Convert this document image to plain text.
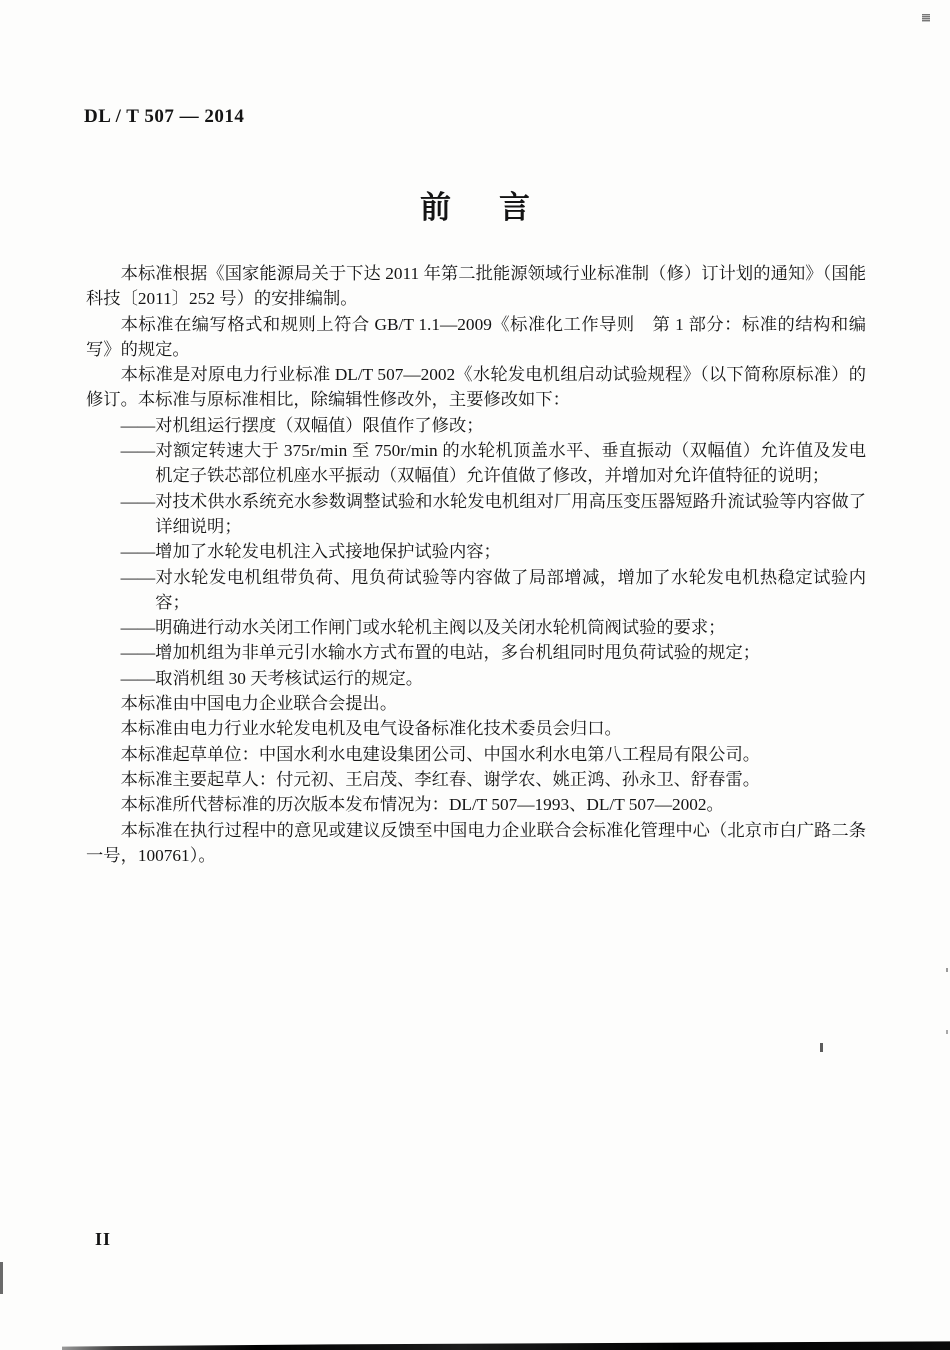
DL / T 507 — 2014
前 言

本标准根据《国家能源局关于下达 2011 年第二批能源领域行业标准制（修）订计划的通知》（国能科技〔2011〕252 号）的安排编制。

本标准在编写格式和规则上符合 GB/T 1.1—2009《标准化工作导则　第 1 部分：标准的结构和编写》的规定。

本标准是对原电力行业标准 DL/T 507—2002《水轮发电机组启动试验规程》（以下简称原标准）的修订。本标准与原标准相比，除编辑性修改外，主要修改如下：

——对机组运行摆度（双幅值）限值作了修改；

——对额定转速大于 375r/min 至 750r/min 的水轮机顶盖水平、垂直振动（双幅值）允许值及发电机定子铁芯部位机座水平振动（双幅值）允许值做了修改，并增加对允许值特征的说明；

——对技术供水系统充水参数调整试验和水轮发电机组对厂用高压变压器短路升流试验等内容做了详细说明；

——增加了水轮发电机注入式接地保护试验内容；

——对水轮发电机组带负荷、甩负荷试验等内容做了局部增减，增加了水轮发电机热稳定试验内容；

——明确进行动水关闭工作闸门或水轮机主阀以及关闭水轮机筒阀试验的要求；

——增加机组为非单元引水输水方式布置的电站，多台机组同时甩负荷试验的规定；

——取消机组 30 天考核试运行的规定。

本标准由中国电力企业联合会提出。

本标准由电力行业水轮发电机及电气设备标准化技术委员会归口。

本标准起草单位：中国水利水电建设集团公司、中国水利水电第八工程局有限公司。

本标准主要起草人：付元初、王启茂、李红春、谢学农、姚正鸿、孙永卫、舒春雷。

本标准所代替标准的历次版本发布情况为：DL/T 507—1993、DL/T 507—2002。

本标准在执行过程中的意见或建议反馈至中国电力企业联合会标准化管理中心（北京市白广路二条一号，100761）。

II
